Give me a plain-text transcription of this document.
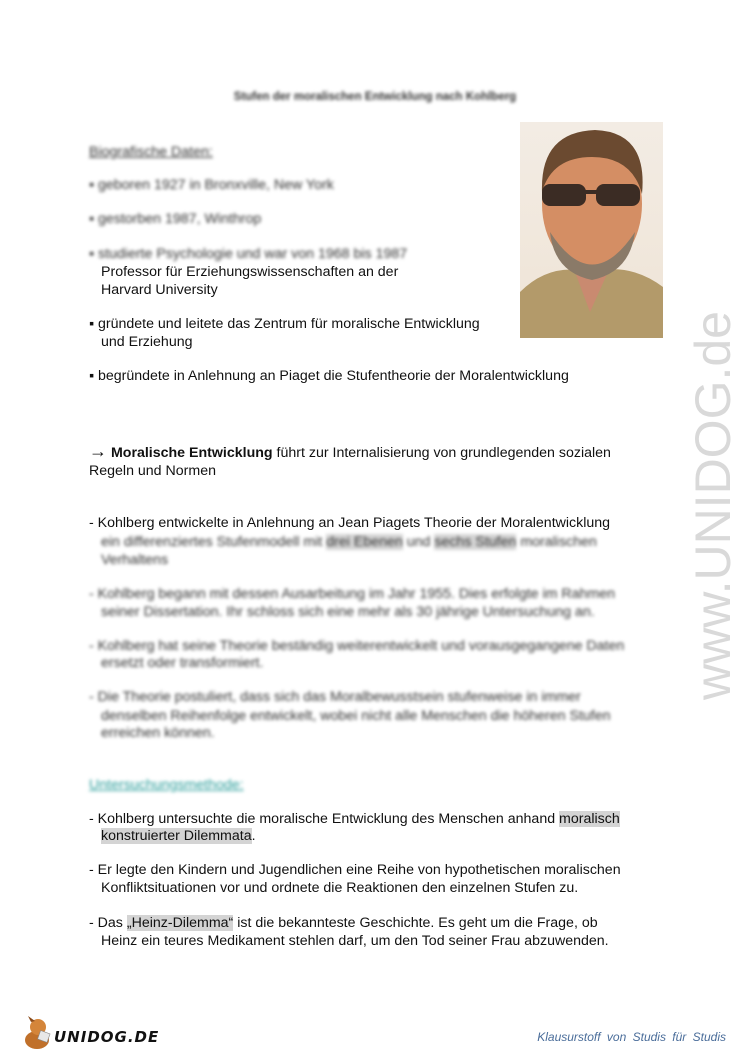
Stufen der moralischen Entwicklung nach Kohlberg
www.UNIDOG.de
Biografische Daten:
▪ geboren 1927 in Bronxville, New York
▪ gestorben 1987, Winthrop
▪ studierte Psychologie und war von 1968 bis 1987
Professor für Erziehungswissenschaften an der
Harvard University
▪ gründete und leitete das Zentrum für moralische Entwicklung
und Erziehung
▪ begründete in Anlehnung an Piaget die Stufentheorie der Moralentwicklung
→ Moralische Entwicklung führt zur Internalisierung von grundlegenden sozialen
Regeln und Normen
- Kohlberg entwickelte in Anlehnung an Jean Piagets Theorie der Moralentwicklung
ein differenziertes Stufenmodell mit drei Ebenen und sechs Stufen moralischen
Verhaltens
- Kohlberg begann mit dessen Ausarbeitung im Jahr 1955. Dies erfolgte im Rahmen
seiner Dissertation. Ihr schloss sich eine mehr als 30 jährige Untersuchung an.
- Kohlberg hat seine Theorie beständig weiterentwickelt und vorausgegangene Daten
ersetzt oder transformiert.
- Die Theorie postuliert, dass sich das Moralbewusstsein stufenweise in immer
denselben Reihenfolge entwickelt, wobei nicht alle Menschen die höheren Stufen
erreichen können.
Untersuchungsmethode:
- Kohlberg untersuchte die moralische Entwicklung des Menschen anhand moralisch
konstruierter Dilemmata.
- Er legte den Kindern und Jugendlichen eine Reihe von hypothetischen moralischen
Konfliktsituationen vor und ordnete die Reaktionen den einzelnen Stufen zu.
- Das „Heinz-Dilemma“ ist die bekannteste Geschichte. Es geht um die Frage, ob
Heinz ein teures Medikament stehlen darf, um den Tod seiner Frau abzuwenden.
UNIDOG.DE	Klausurstoff von Studis für Studis
